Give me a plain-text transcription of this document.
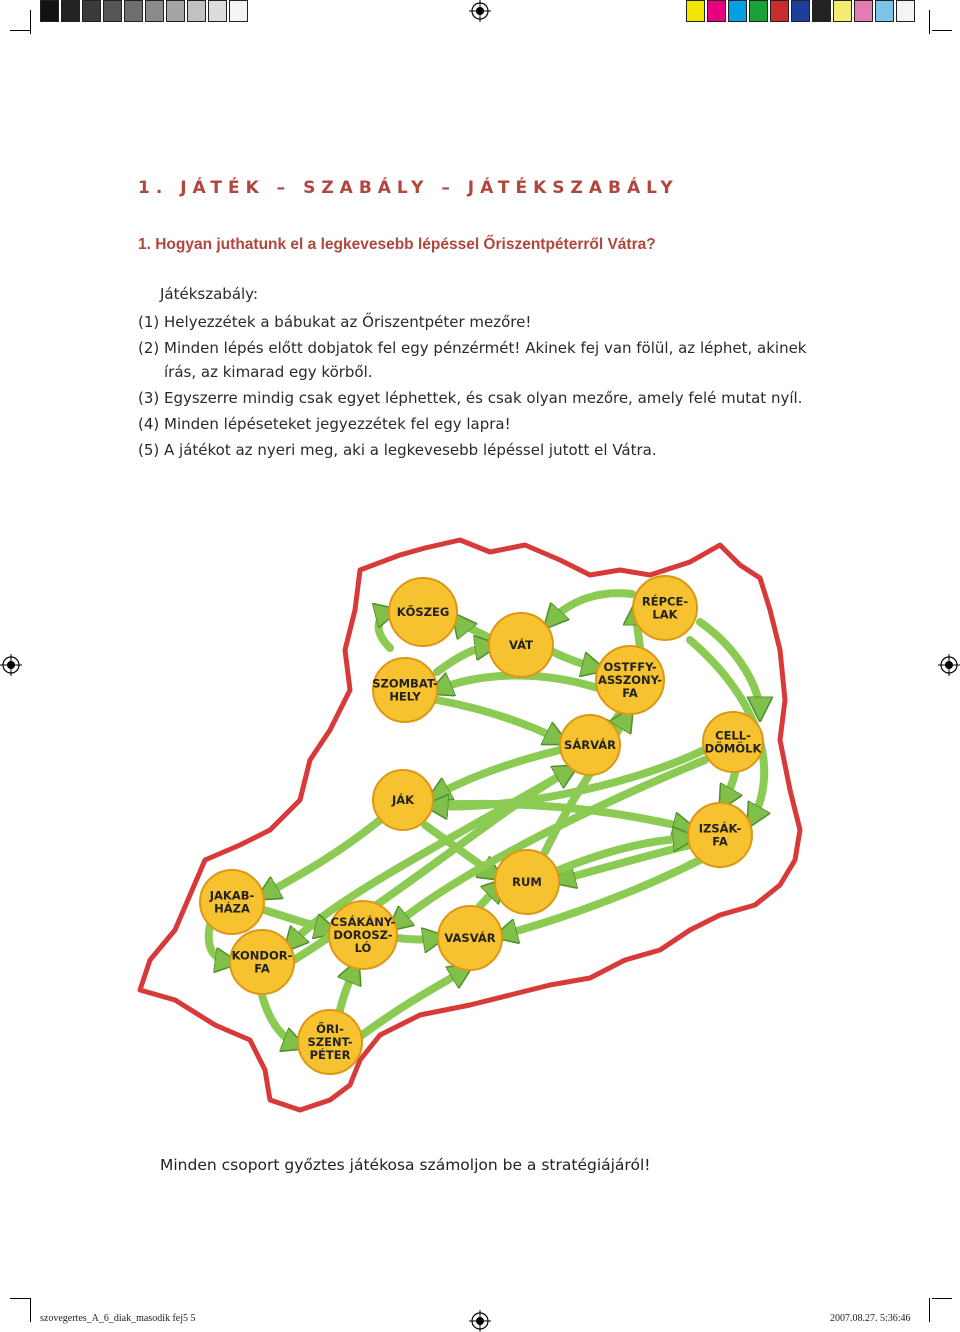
1. JÁTÉK – SZABÁLY – JÁTÉKSZABÁLY
1. Hogyan juthatunk el a legkevesebb lépéssel Őriszentpéterről Vátra?
Játékszabály:
(1) Helyezzétek a bábukat az Őriszentpéter mezőre!
(2) Minden lépés előtt dobjatok fel egy pénzérmét! Akinek fej van fölül, az léphet, akinek írás, az kimarad egy körből.
(3) Egyszerre mindig csak egyet léphettek, és csak olyan mezőre, amely felé mutat nyíl.
(4) Minden lépéseteket jegyezzétek fel egy lapra!
(5) A játékot az nyeri meg, aki a legkevesebb lépéssel jutott el Vátra.
KŐSZEG
VÁT
RÉPCE-
LAK
SZOMBAT-
HELY
OSTFFY-
ASSZONY-
FA
SÁRVÁR
CELL-
DÖMÖLK
JÁK
IZSÁK-
FA
RUM
JAKAB-
HÁZA
CSÁKÁNY-
DOROSZ-
LÓ
VASVÁR
KONDOR-
FA
ŐRI-
SZENT-
PÉTER
Minden csoport győztes játékosa számoljon be a stratégiájáról!
szovegertes_A_6_diak_masodik fej5 5	2007.08.27. 5:36:46
